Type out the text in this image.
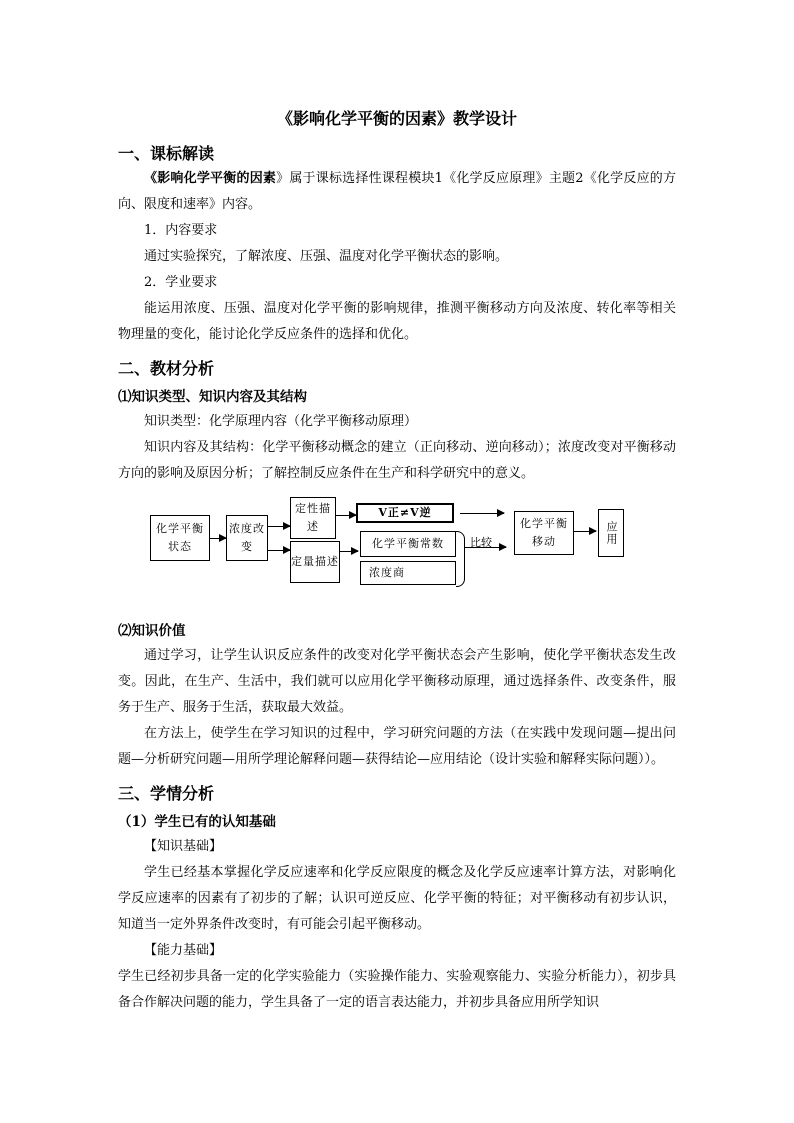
《影响化学平衡的因素》教学设计
一、课标解读

《影响化学平衡的因素》属于课标选择性课程模块1《化学反应原理》主题2《化学反应的方向、限度和速率》内容。

1．内容要求

通过实验探究，了解浓度、压强、温度对化学平衡状态的影响。

2．学业要求

能运用浓度、压强、温度对化学平衡的影响规律，推测平衡移动方向及浓度、转化率等相关物理量的变化，能讨论化学反应条件的选择和优化。

二、教材分析
⑴知识类型、知识内容及其结构

知识类型：化学原理内容（化学平衡移动原理）

知识内容及其结构：化学平衡移动概念的建立（正向移动、逆向移动）；浓度改变对平衡移动方向的影响及原因分析；了解控制反应条件在生产和科学研究中的意义。

化学平衡状态
浓度改变
定性描述
V正≠V逆
定量描述
化学平衡常数
浓度商
比较
化学平衡移动	应用
⑵知识价值

通过学习，让学生认识反应条件的改变对化学平衡状态会产生影响，使化学平衡状态发生改变。因此，在生产、生活中，我们就可以应用化学平衡移动原理，通过选择条件、改变条件，服务于生产、服务于生活，获取最大效益。

在方法上，使学生在学习知识的过程中，学习研究问题的方法（在实践中发现问题—提出问题—分析研究问题—用所学理论解释问题—获得结论—应用结论（设计实验和解释实际问题））。

三、学情分析
（1）学生已有的认知基础

【知识基础】

学生已经基本掌握化学反应速率和化学反应限度的概念及化学反应速率计算方法，对影响化学反应速率的因素有了初步的了解；认识可逆反应、化学平衡的特征；对平衡移动有初步认识，知道当一定外界条件改变时，有可能会引起平衡移动。

【能力基础】

学生已经初步具备一定的化学实验能力（实验操作能力、实验观察能力、实验分析能力），初步具备合作解决问题的能力，学生具备了一定的语言表达能力，并初步具备应用所学知识
